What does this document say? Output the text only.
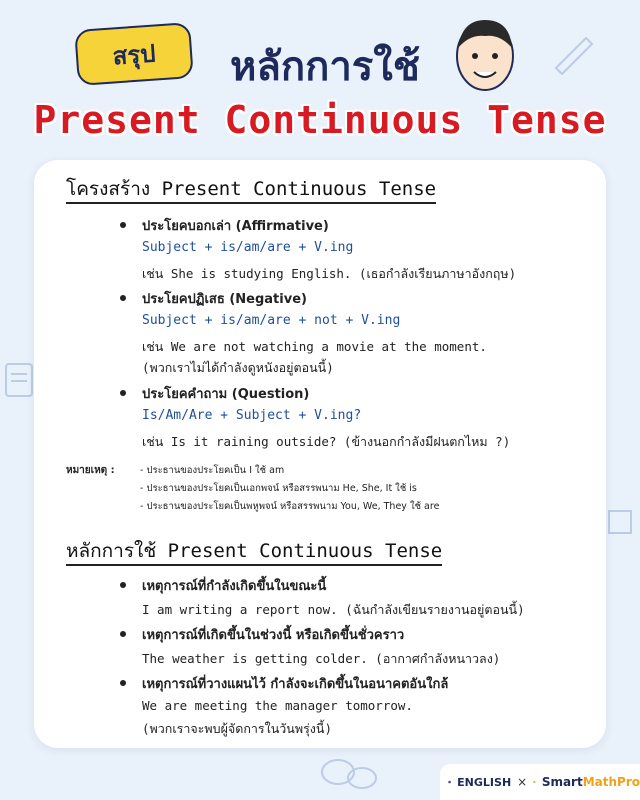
สรุป	หลักการใช้
Present Continuous Tense
โครงสร้าง Present Continuous Tense
ประโยคบอกเล่า (Affirmative)
Subject + is/am/are + V.ing
เช่น She is studying English. (เธอกำลังเรียนภาษาอังกฤษ)
ประโยคปฏิเสธ (Negative)
Subject + is/am/are + not + V.ing
เช่น We are not watching a movie at the moment.
(พวกเราไม่ได้กำลังดูหนังอยู่ตอนนี้)
ประโยคคำถาม (Question)
Is/Am/Are + Subject + V.ing?
เช่น Is it raining outside? (ข้างนอกกำลังมีฝนตกไหม ?)
หมายเหตุ :	- ประธานของประโยคเป็น I ใช้ am
- ประธานของประโยคเป็นเอกพจน์ หรือสรรพนาม He, She, It ใช้ is
- ประธานของประโยคเป็นพหูพจน์ หรือสรรพนาม You, We, They ใช้ are
หลักการใช้ Present Continuous Tense
เหตุการณ์ที่กำลังเกิดขึ้นในขณะนี้
I am writing a report now. (ฉันกำลังเขียนรายงานอยู่ตอนนี้)
เหตุการณ์ที่เกิดขึ้นในช่วงนี้ หรือเกิดขึ้นชั่วคราว
The weather is getting colder. (อากาศกำลังหนาวลง)
เหตุการณ์ที่วางแผนไว้ กำลังจะเกิดขึ้นในอนาคตอันใกล้
We are meeting the manager tomorrow.
(พวกเราจะพบผู้จัดการในวันพรุ่งนี้)
ENGLISH × SmartMathPro
